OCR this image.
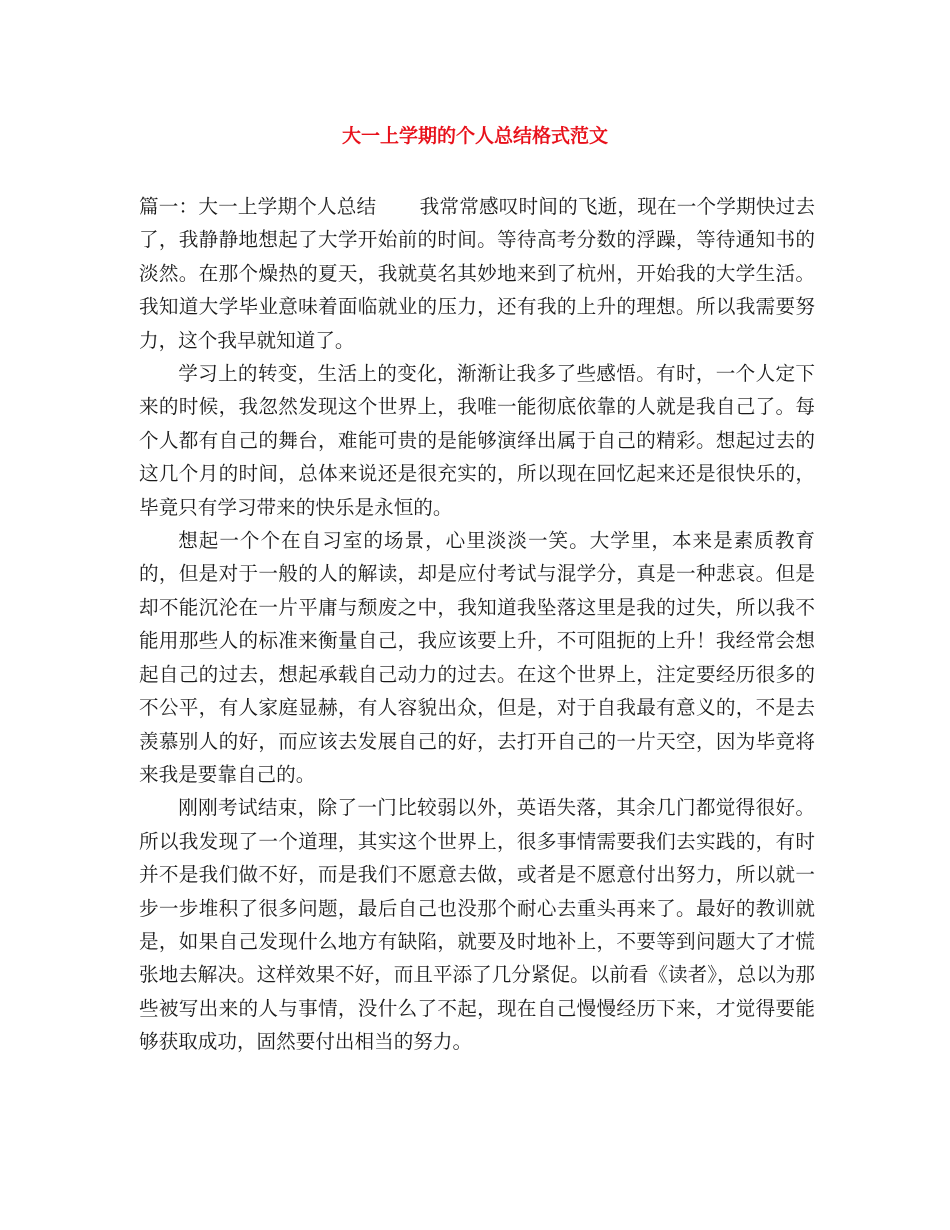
大一上学期的个人总结格式范文

篇一：大一上学期个人总结 我常常感叹时间的飞逝，现在一个学期快过去了，我静静地想起了大学开始前的时间。等待高考分数的浮躁，等待通知书的淡然。在那个燥热的夏天，我就莫名其妙地来到了杭州，开始我的大学生活。我知道大学毕业意味着面临就业的压力，还有我的上升的理想。所以我需要努力，这个我早就知道了。

学习上的转变，生活上的变化，渐渐让我多了些感悟。有时，一个人定下来的时候，我忽然发现这个世界上，我唯一能彻底依靠的人就是我自己了。每个人都有自己的舞台，难能可贵的是能够演绎出属于自己的精彩。想起过去的这几个月的时间，总体来说还是很充实的，所以现在回忆起来还是很快乐的，毕竟只有学习带来的快乐是永恒的。

想起一个个在自习室的场景，心里淡淡一笑。大学里，本来是素质教育的，但是对于一般的人的解读，却是应付考试与混学分，真是一种悲哀。但是却不能沉沦在一片平庸与颓废之中，我知道我坠落这里是我的过失，所以我不能用那些人的标准来衡量自己，我应该要上升，不可阻扼的上升！我经常会想起自己的过去，想起承载自己动力的过去。在这个世界上，注定要经历很多的不公平，有人家庭显赫，有人容貌出众，但是，对于自我最有意义的，不是去羡慕别人的好，而应该去发展自己的好，去打开自己的一片天空，因为毕竟将来我是要靠自己的。

刚刚考试结束，除了一门比较弱以外，英语失落，其余几门都觉得很好。所以我发现了一个道理，其实这个世界上，很多事情需要我们去实践的，有时并不是我们做不好，而是我们不愿意去做，或者是不愿意付出努力，所以就一步一步堆积了很多问题，最后自己也没那个耐心去重头再来了。最好的教训就是，如果自己发现什么地方有缺陷，就要及时地补上，不要等到问题大了才慌张地去解决。这样效果不好，而且平添了几分紧促。以前看《读者》，总以为那些被写出来的人与事情，没什么了不起，现在自己慢慢经历下来，才觉得要能够获取成功，固然要付出相当的努力。
